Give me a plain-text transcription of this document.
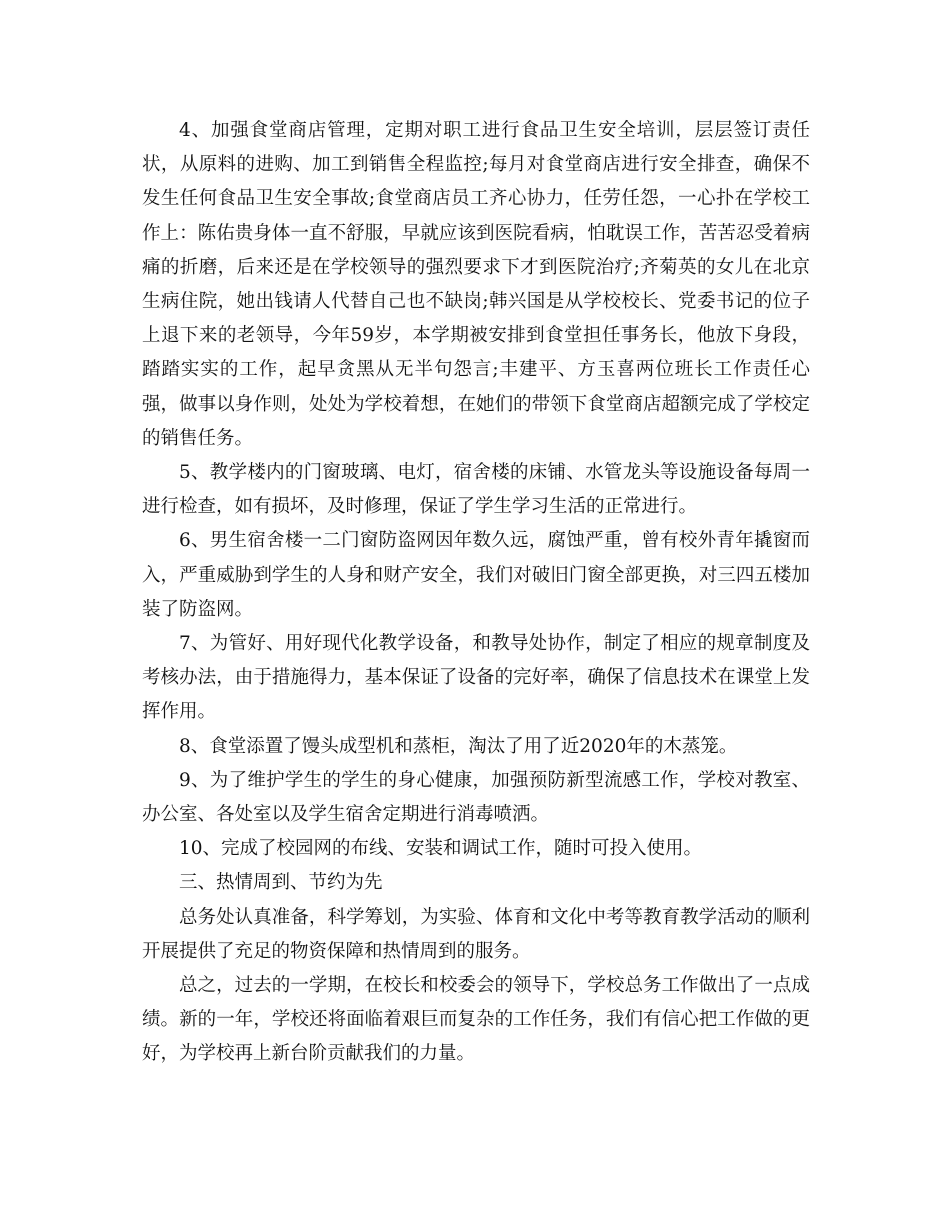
4、加强食堂商店管理，定期对职工进行食品卫生安全培训，层层签订责任状，从原料的进购、加工到销售全程监控;每月对食堂商店进行安全排查，确保不发生任何食品卫生安全事故;食堂商店员工齐心协力，任劳任怨，一心扑在学校工作上：陈佑贵身体一直不舒服，早就应该到医院看病，怕耽误工作，苦苦忍受着病痛的折磨，后来还是在学校领导的强烈要求下才到医院治疗;齐菊英的女儿在北京生病住院，她出钱请人代替自己也不缺岗;韩兴国是从学校校长、党委书记的位子上退下来的老领导，今年59岁，本学期被安排到食堂担任事务长，他放下身段，踏踏实实的工作，起早贪黑从无半句怨言;丰建平、方玉喜两位班长工作责任心强，做事以身作则，处处为学校着想，在她们的带领下食堂商店超额完成了学校定的销售任务。

5、教学楼内的门窗玻璃、电灯，宿舍楼的床铺、水管龙头等设施设备每周一进行检查，如有损坏，及时修理，保证了学生学习生活的正常进行。

6、男生宿舍楼一二门窗防盗网因年数久远，腐蚀严重，曾有校外青年撬窗而入，严重威胁到学生的人身和财产安全，我们对破旧门窗全部更换，对三四五楼加装了防盗网。

7、为管好、用好现代化教学设备，和教导处协作，制定了相应的规章制度及考核办法，由于措施得力，基本保证了设备的完好率，确保了信息技术在课堂上发挥作用。

8、食堂添置了馒头成型机和蒸柜，淘汰了用了近2020年的木蒸笼。

9、为了维护学生的学生的身心健康，加强预防新型流感工作，学校对教室、办公室、各处室以及学生宿舍定期进行消毒喷洒。

10、完成了校园网的布线、安装和调试工作，随时可投入使用。

三、热情周到、节约为先

总务处认真准备，科学筹划，为实验、体育和文化中考等教育教学活动的顺利开展提供了充足的物资保障和热情周到的服务。

总之，过去的一学期，在校长和校委会的领导下，学校总务工作做出了一点成绩。新的一年，学校还将面临着艰巨而复杂的工作任务，我们有信心把工作做的更好，为学校再上新台阶贡献我们的力量。
